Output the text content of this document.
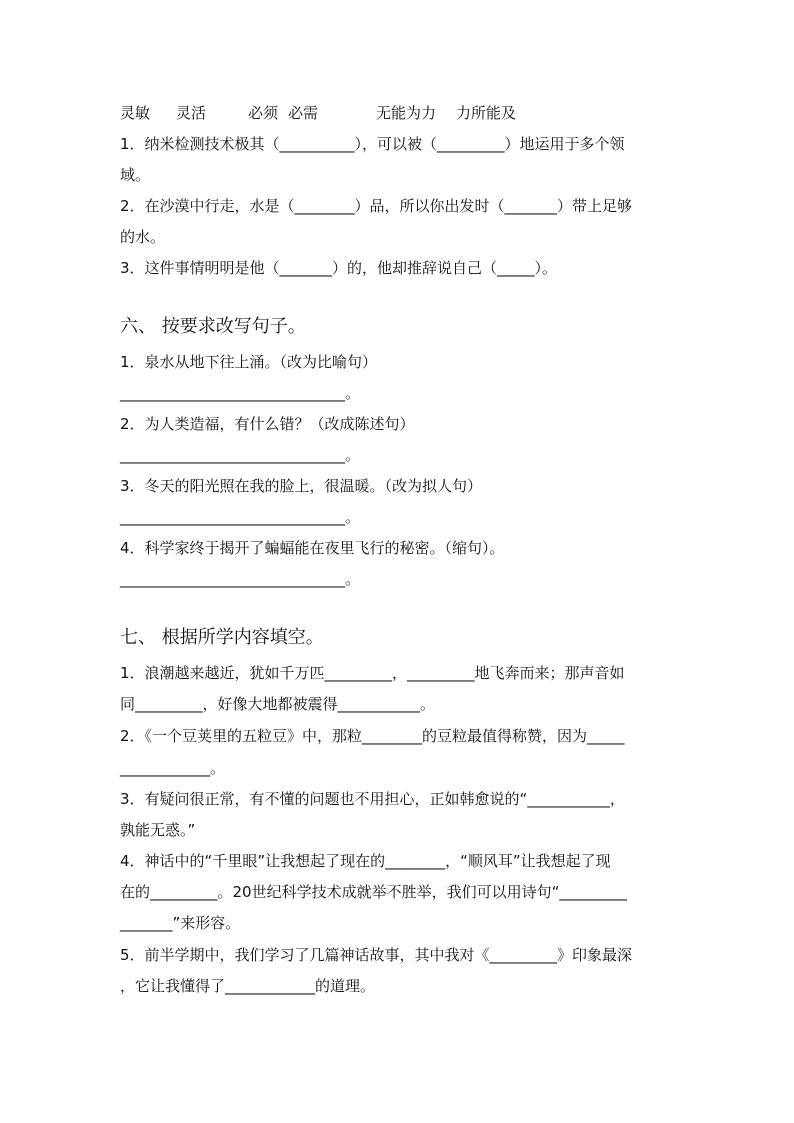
灵敏 灵活	必须 必需	无能为力 力所能及
1．纳米检测技术极其（__________），可以被（_________）地运用于多个领
域。
2．在沙漠中行走，水是（________）品，所以你出发时（_______）带上足够
的水。
3．这件事情明明是他（_______）的，他却推辞说自己（_____）。
六、 按要求改写句子。
1．泉水从地下往上涌。（改为比喻句）
______________________________。
2．为人类造福，有什么错？（改成陈述句）
______________________________。
3．冬天的阳光照在我的脸上，很温暖。（改为拟人句）
______________________________。
4．科学家终于揭开了蝙蝠能在夜里飞行的秘密。（缩句）。
______________________________。
七、 根据所学内容填空。
1．浪潮越来越近，犹如千万匹_________，_________地飞奔而来；那声音如
同_________，好像大地都被震得___________。
2．《一个豆荚里的五粒豆》中，那粒________的豆粒最值得称赞，因为_____
____________。
3．有疑问很正常，有不懂的问题也不用担心，正如韩愈说的“___________，
孰能无惑。”
4．神话中的“千里眼”让我想起了现在的________，“顺风耳”让我想起了现
在的_________。20世纪科学技术成就举不胜举，我们可以用诗句“_________
_______”来形容。
5．前半学期中，我们学习了几篇神话故事，其中我对《_________》印象最深
，它让我懂得了____________的道理。
